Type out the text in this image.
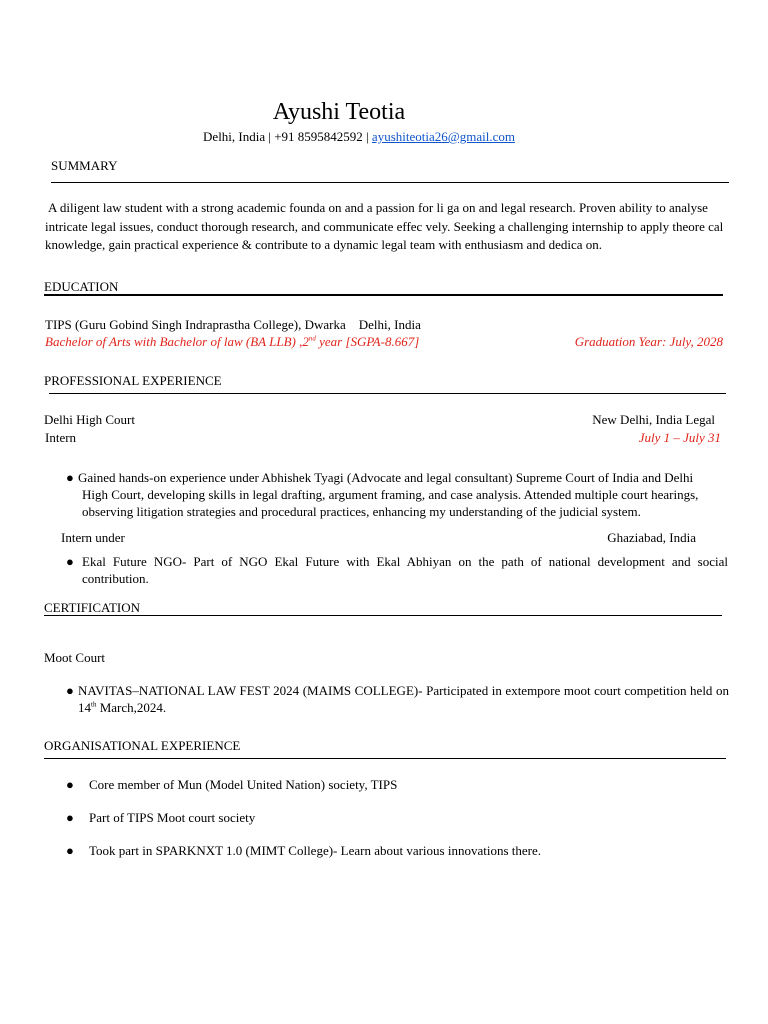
Ayushi Teotia
Delhi, India | +91 8595842592 | ayushiteotia26@gmail.com
SUMMARY
A diligent law student with a strong academic founda on and a passion for li ga on and legal research. Proven ability to analyse intricate legal issues, conduct thorough research, and communicate effec vely. Seeking a challenging internship to apply theore cal knowledge, gain practical experience & contribute to a dynamic legal team with enthusiasm and dedica on.
EDUCATION
TIPS (Guru Gobind Singh Indraprastha College), Dwarka Delhi, India
Bachelor of Arts with Bachelor of law (BA LLB) ,2nd year [SGPA-8.667]	Graduation Year: July, 2028
PROFESSIONAL EXPERIENCE
Delhi High Court	New Delhi, India Legal
Intern	July 1 – July 31
● Gained hands-on experience under Abhishek Tyagi (Advocate and legal consultant) Supreme Court of India and Delhi High Court, developing skills in legal drafting, argument framing, and case analysis. Attended multiple court hearings, observing litigation strategies and procedural practices, enhancing my understanding of the judicial system.
Intern under	Ghaziabad, India
● Ekal Future NGO- Part of NGO Ekal Future with Ekal Abhiyan on the path of national development and social contribution.
CERTIFICATION
Moot Court
● NAVITAS–NATIONAL LAW FEST 2024 (MAIMS COLLEGE)- Participated in extempore moot court competition held on 14th March,2024.
ORGANISATIONAL EXPERIENCE
● Core member of Mun (Model United Nation) society, TIPS
● Part of TIPS Moot court society
● Took part in SPARKNXT 1.0 (MIMT College)- Learn about various innovations there.
